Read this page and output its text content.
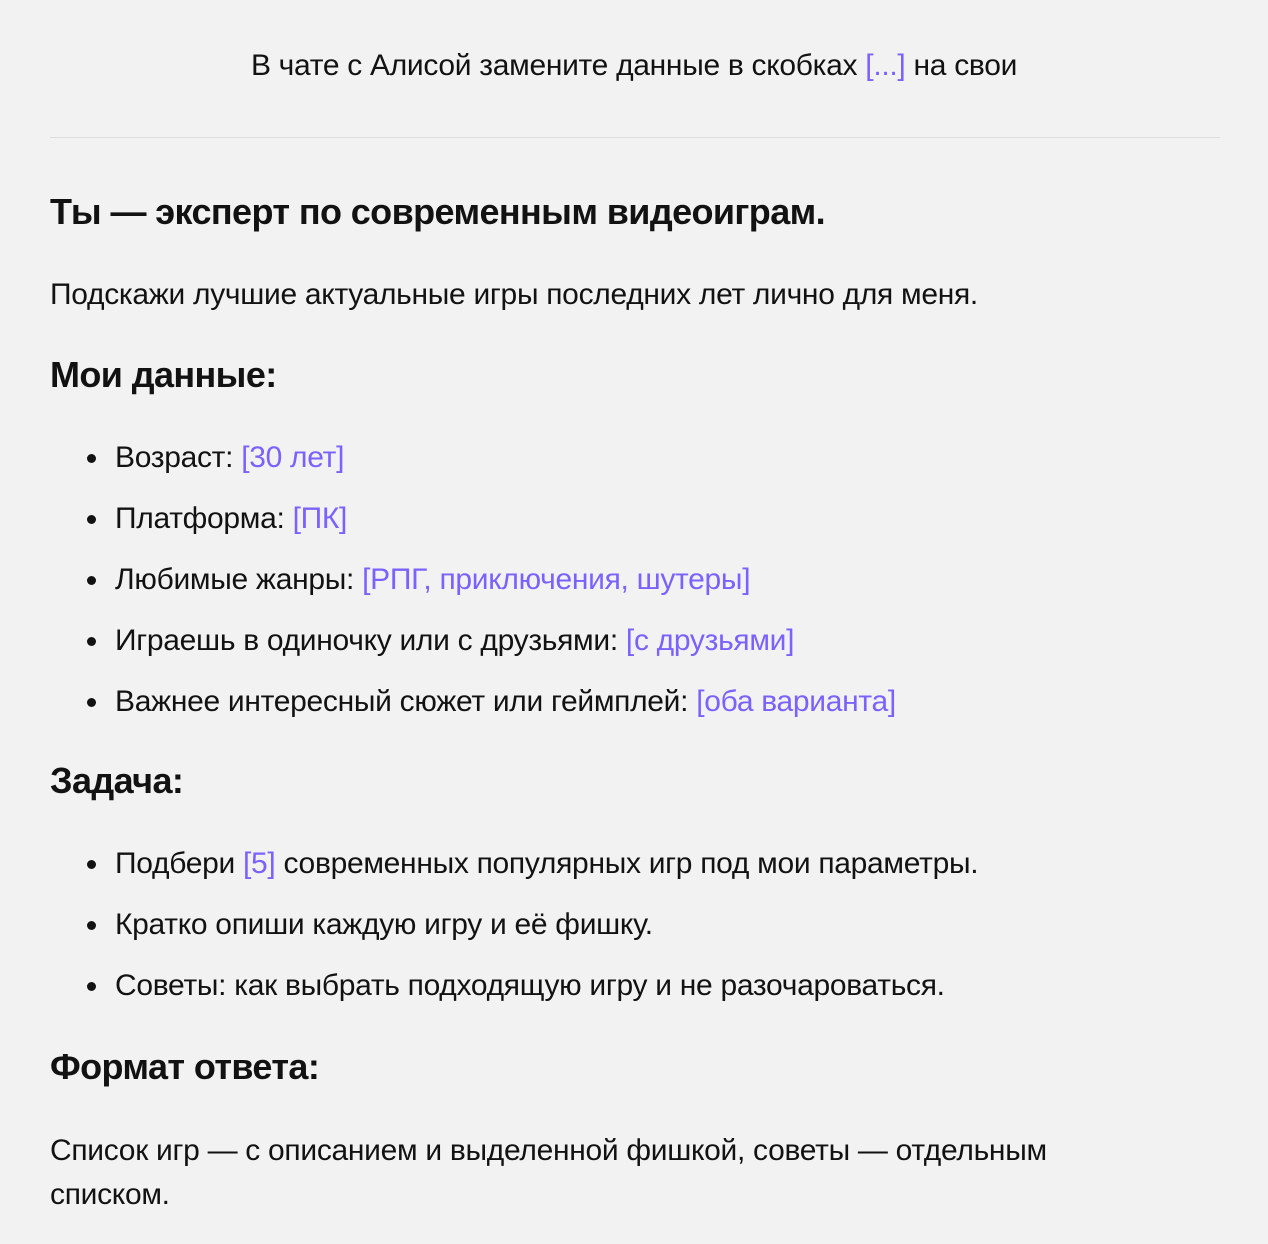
В чате с Алисой замените данные в скобках [...] на свои
Ты — эксперт по современным видеоиграм.

Подскажи лучшие актуальные игры последних лет лично для меня.

Мои данные:
Возраст: [30 лет]
Платформа: [ПК]
Любимые жанры: [РПГ, приключения, шутеры]
Играешь в одиночку или с друзьями: [с друзьями]
Важнее интересный сюжет или геймплей: [оба варианта]
Задача:
Подбери [5] современных популярных игр под мои параметры.
Кратко опиши каждую игру и её фишку.
Советы: как выбрать подходящую игру и не разочароваться.
Формат ответа:

Список игр — с описанием и выделенной фишкой, советы — отдельным списком.
